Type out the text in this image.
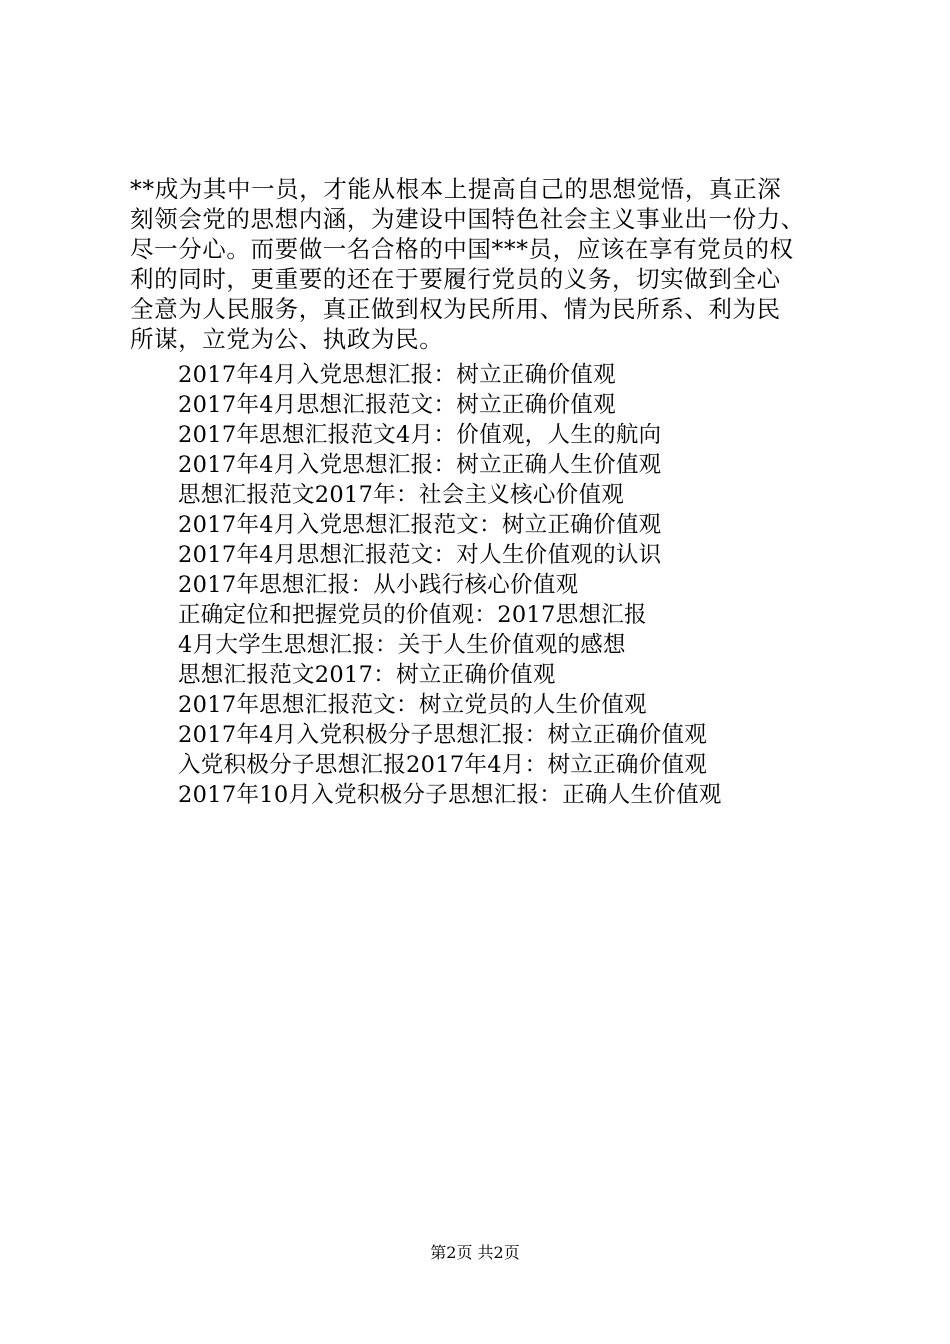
**成为其中一员，才能从根本上提高自己的思想觉悟，真正深
刻领会党的思想内涵，为建设中国特色社会主义事业出一份力、
尽一分心。而要做一名合格的中国***员，应该在享有党员的权
利的同时，更重要的还在于要履行党员的义务，切实做到全心
全意为人民服务，真正做到权为民所用、情为民所系、利为民
所谋，立党为公、执政为民。
2017年4月入党思想汇报：树立正确价值观
2017年4月思想汇报范文：树立正确价值观
2017年思想汇报范文4月：价值观，人生的航向
2017年4月入党思想汇报：树立正确人生价值观
思想汇报范文2017年：社会主义核心价值观
2017年4月入党思想汇报范文：树立正确价值观
2017年4月思想汇报范文：对人生价值观的认识
2017年思想汇报：从小践行核心价值观
正确定位和把握党员的价值观：2017思想汇报
4月大学生思想汇报：关于人生价值观的感想
思想汇报范文2017：树立正确价值观
2017年思想汇报范文：树立党员的人生价值观
2017年4月入党积极分子思想汇报：树立正确价值观
入党积极分子思想汇报2017年4月：树立正确价值观
2017年10月入党积极分子思想汇报：正确人生价值观
第2页 共2页
